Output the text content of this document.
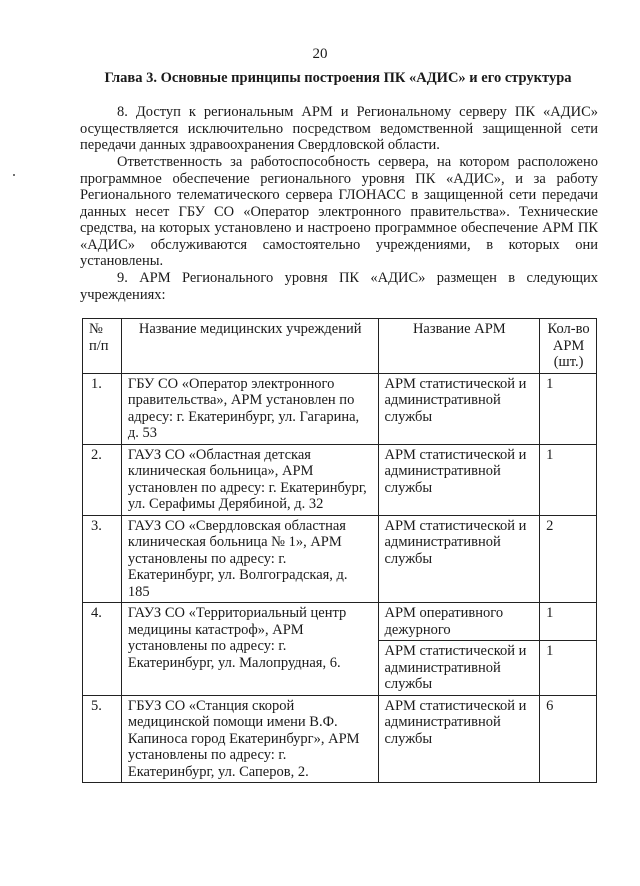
20
Глава 3. Основные принципы построения ПК «АДИС» и его структура

8. Доступ к региональным АРМ и Региональному серверу ПК «АДИС» осуществляется исключительно посредством ведомственной защищенной сети передачи данных здравоохранения Свердловской области.

Ответственность за работоспособность сервера, на котором расположено программное обеспечение регионального уровня ПК «АДИС», и за работу Регионального телематического сервера ГЛОНАСС в защищенной сети передачи данных несет ГБУ СО «Оператор электронного правительства». Технические средства, на которых установлено и настроено программное обеспечение АРМ ПК «АДИС» обслуживаются самостоятельно учреждениями, в которых они установлены.

9. АРМ Регионального уровня ПК «АДИС» размещен в следующих учреждениях:

№ п/п	Название медицинских учреждений	Название АРМ	Кол-во АРМ (шт.)
1.	ГБУ СО «Оператор электронного правительства», АРМ установлен по адресу: г. Екатеринбург, ул. Гагарина, д. 53	АРМ статистической и административной службы	1
2.	ГАУЗ СО «Областная детская клиническая больница», АРМ установлен по адресу: г. Екатеринбург, ул. Серафимы Дерябиной, д. 32	АРМ статистической и административной службы	1
3.	ГАУЗ СО «Свердловская областная клиническая больница № 1», АРМ установлены по адресу: г. Екатеринбург, ул. Волгоградская, д. 185	АРМ статистической и административной службы	2
4.	ГАУЗ СО «Территориальный центр медицины катастроф», АРМ установлены по адресу: г. Екатеринбург, ул. Малопрудная, 6.	АРМ оперативного дежурного	1
		АРМ статистической и административной службы	1
5.	ГБУЗ СО «Станция скорой медицинской помощи имени В.Ф. Капиноса город Екатеринбург», АРМ установлены по адресу: г. Екатеринбург, ул. Саперов, 2.	АРМ статистической и административной службы	6
